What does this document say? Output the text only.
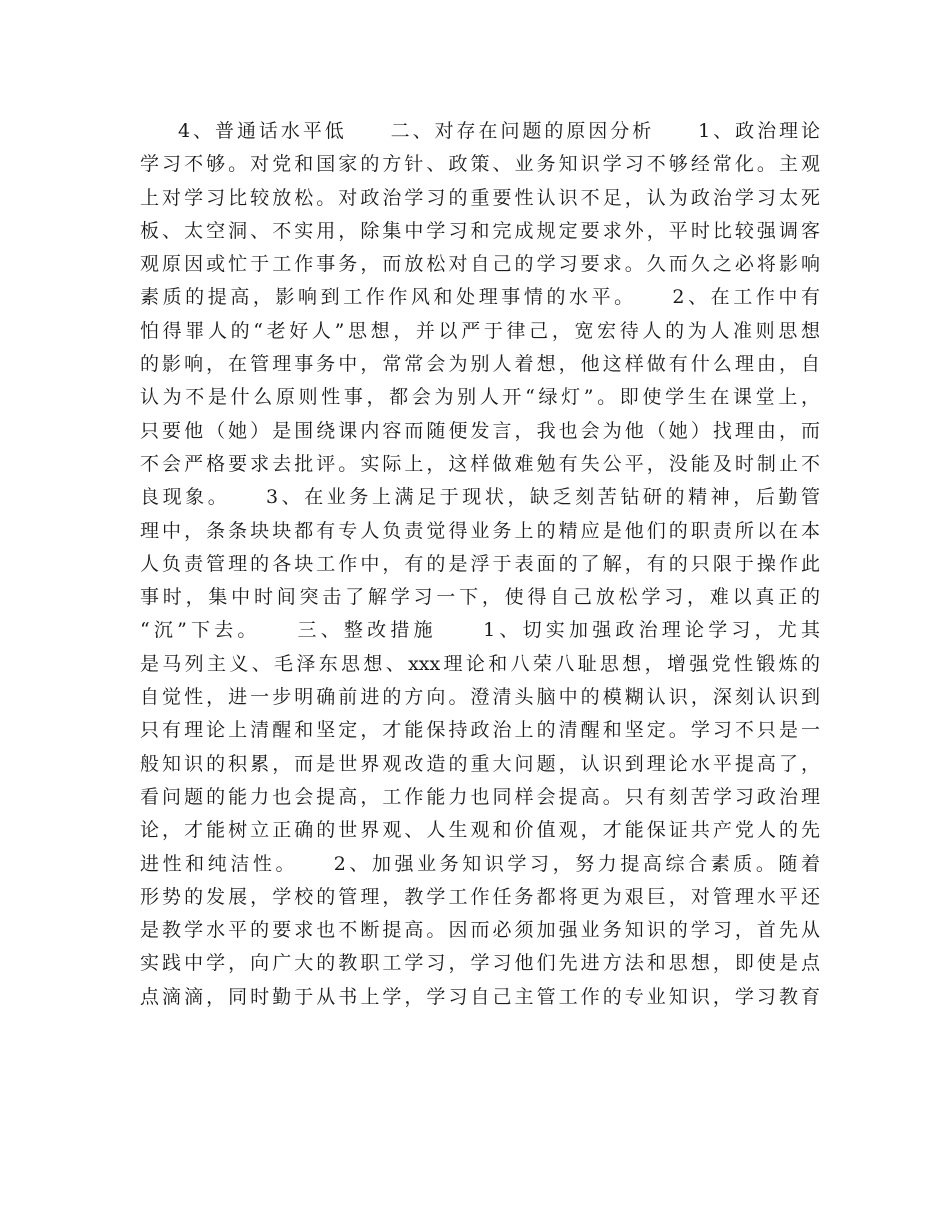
4、普通话水平低　　二、对存在问题的原因分析　　1、政治理论
学习不够。对党和国家的方针、政策、业务知识学习不够经常化。主观
上对学习比较放松。对政治学习的重要性认识不足，认为政治学习太死
板、太空洞、不实用，除集中学习和完成规定要求外，平时比较强调客
观原因或忙于工作事务，而放松对自己的学习要求。久而久之必将影响
素质的提高，影响到工作作风和处理事情的水平。　　2、在工作中有
怕得罪人的“老好人”思想，并以严于律己，宽宏待人的为人准则思想
的影响，在管理事务中，常常会为别人着想，他这样做有什么理由，自
认为不是什么原则性事，都会为别人开“绿灯”。即使学生在课堂上，
只要他（她）是围绕课内容而随便发言，我也会为他（她）找理由，而
不会严格要求去批评。实际上，这样做难勉有失公平，没能及时制止不
良现象。　　3、在业务上满足于现状，缺乏刻苦钻研的精神，后勤管
理中，条条块块都有专人负责觉得业务上的精应是他们的职责所以在本
人负责管理的各块工作中，有的是浮于表面的了解，有的只限于操作此
事时，集中时间突击了解学习一下，使得自己放松学习，难以真正的
“沉”下去。　　三、整改措施　　1、切实加强政治理论学习，尤其
是马列主义、毛泽东思想、xxx理论和八荣八耻思想，增强党性锻炼的
自觉性，进一步明确前进的方向。澄清头脑中的模糊认识，深刻认识到
只有理论上清醒和坚定，才能保持政治上的清醒和坚定。学习不只是一
般知识的积累，而是世界观改造的重大问题，认识到理论水平提高了，
看问题的能力也会提高，工作能力也同样会提高。只有刻苦学习政治理
论，才能树立正确的世界观、人生观和价值观，才能保证共产党人的先
进性和纯洁性。　　2、加强业务知识学习，努力提高综合素质。随着
形势的发展，学校的管理，教学工作任务都将更为艰巨，对管理水平还
是教学水平的要求也不断提高。因而必须加强业务知识的学习，首先从
实践中学，向广大的教职工学习，学习他们先进方法和思想，即使是点
点滴滴，同时勤于从书上学，学习自己主管工作的专业知识，学习教育
